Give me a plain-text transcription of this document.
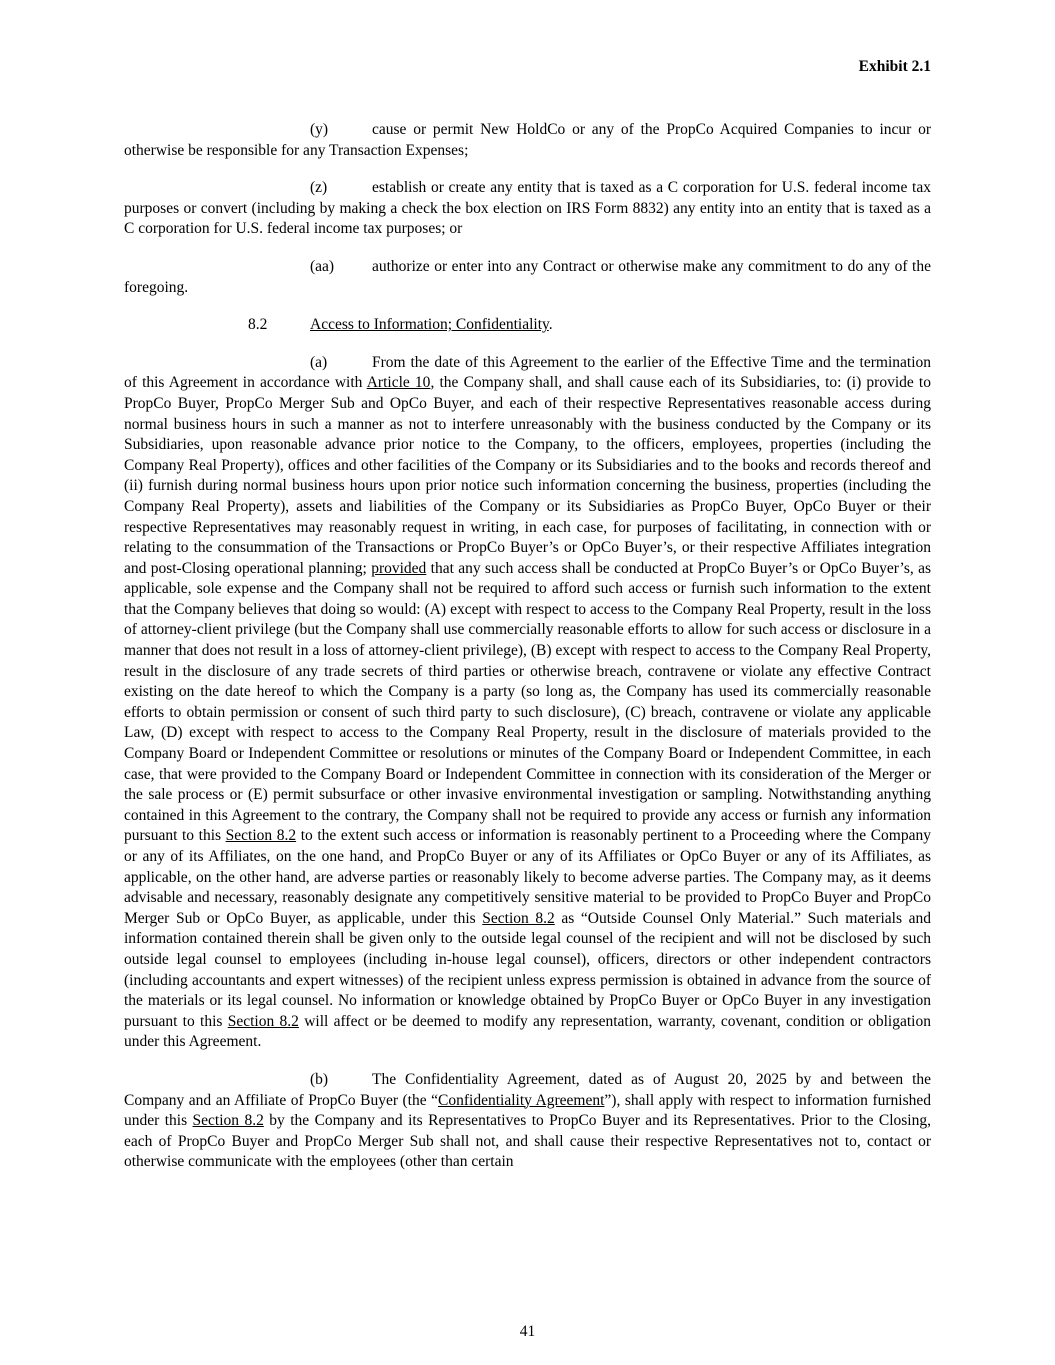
Exhibit 2.1

(y)	cause or permit New HoldCo or any of the PropCo Acquired Companies to incur or otherwise be responsible for any Transaction Expenses;

(z)	establish or create any entity that is taxed as a C corporation for U.S. federal income tax purposes or convert (including by making a check the box election on IRS Form 8832) any entity into an entity that is taxed as a C corporation for U.S. federal income tax purposes; or

(aa) authorize or enter into any Contract or otherwise make any commitment to do any of the foregoing.

8.2	Access to Information; Confidentiality.

(a)	From the date of this Agreement to the earlier of the Effective Time and the termination of this Agreement in accordance with Article 10, the Company shall, and shall cause each of its Subsidiaries, to: (i) provide to PropCo Buyer, PropCo Merger Sub and OpCo Buyer, and each of their respective Representatives reasonable access during normal business hours in such a manner as not to interfere unreasonably with the business conducted by the Company or its Subsidiaries, upon reasonable advance prior notice to the Company, to the officers, employees, properties (including the Company Real Property), offices and other facilities of the Company or its Subsidiaries and to the books and records thereof and (ii) furnish during normal business hours upon prior notice such information concerning the business, properties (including the Company Real Property), assets and liabilities of the Company or its Subsidiaries as PropCo Buyer, OpCo Buyer or their respective Representatives may reasonably request in writing, in each case, for purposes of facilitating, in connection with or relating to the consummation of the Transactions or PropCo Buyer’s or OpCo Buyer’s, or their respective Affiliates integration and post-Closing operational planning; provided that any such access shall be conducted at PropCo Buyer’s or OpCo Buyer’s, as applicable, sole expense and the Company shall not be required to afford such access or furnish such information to the extent that the Company believes that doing so would: (A) except with respect to access to the Company Real Property, result in the loss of attorney-client privilege (but the Company shall use commercially reasonable efforts to allow for such access or disclosure in a manner that does not result in a loss of attorney-client privilege), (B) except with respect to access to the Company Real Property, result in the disclosure of any trade secrets of third parties or otherwise breach, contravene or violate any effective Contract existing on the date hereof to which the Company is a party (so long as, the Company has used its commercially reasonable efforts to obtain permission or consent of such third party to such disclosure), (C) breach, contravene or violate any applicable Law, (D) except with respect to access to the Company Real Property, result in the disclosure of materials provided to the Company Board or Independent Committee or resolutions or minutes of the Company Board or Independent Committee, in each case, that were provided to the Company Board or Independent Committee in connection with its consideration of the Merger or the sale process or (E) permit subsurface or other invasive environmental investigation or sampling. Notwithstanding anything contained in this Agreement to the contrary, the Company shall not be required to provide any access or furnish any information pursuant to this Section 8.2 to the extent such access or information is reasonably pertinent to a Proceeding where the Company or any of its Affiliates, on the one hand, and PropCo Buyer or any of its Affiliates or OpCo Buyer or any of its Affiliates, as applicable, on the other hand, are adverse parties or reasonably likely to become adverse parties. The Company may, as it deems advisable and necessary, reasonably designate any competitively sensitive material to be provided to PropCo Buyer and PropCo Merger Sub or OpCo Buyer, as applicable, under this Section 8.2 as “Outside Counsel Only Material.” Such materials and information contained therein shall be given only to the outside legal counsel of the recipient and will not be disclosed by such outside legal counsel to employees (including in-house legal counsel), officers, directors or other independent contractors (including accountants and expert witnesses) of the recipient unless express permission is obtained in advance from the source of the materials or its legal counsel. No information or knowledge obtained by PropCo Buyer or OpCo Buyer in any investigation pursuant to this Section 8.2 will affect or be deemed to modify any representation, warranty, covenant, condition or obligation under this Agreement.

(b)	The Confidentiality Agreement, dated as of August 20, 2025 by and between the Company and an Affiliate of PropCo Buyer (the “Confidentiality Agreement”), shall apply with respect to information furnished under this Section 8.2 by the Company and its Representatives to PropCo Buyer and its Representatives. Prior to the Closing, each of PropCo Buyer and PropCo Merger Sub shall not, and shall cause their respective Representatives not to, contact or otherwise communicate with the employees (other than certain

41
